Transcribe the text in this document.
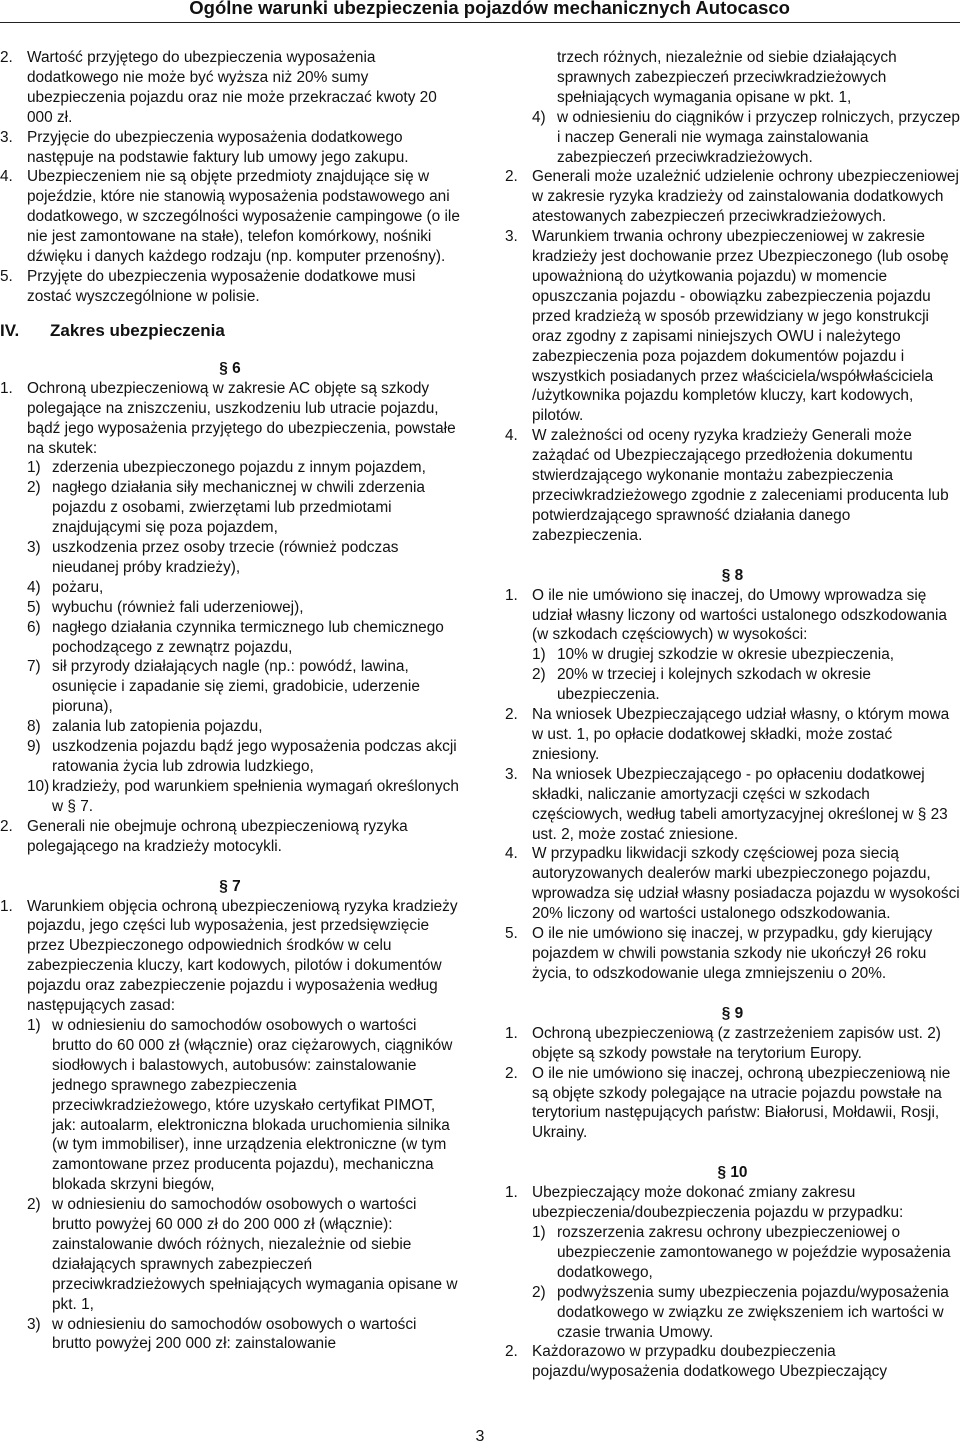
Ogólne warunki ubezpieczenia pojazdów mechanicznych Autocasco
2. Wartość przyjętego do ubezpieczenia wyposażenia dodatkowego nie może być wyższa niż 20% sumy ubezpieczenia pojazdu oraz nie może przekraczać kwoty 20 000 zł.
3. Przyjęcie do ubezpieczenia wyposażenia dodatkowego następuje na podstawie faktury lub umowy jego zakupu.
4. Ubezpieczeniem nie są objęte przedmioty znajdujące się w pojeździe, które nie stanowią wyposażenia podstawowego ani dodatkowego, w szczególności wyposażenie campingowe (o ile nie jest zamontowane na stałe), telefon komórkowy, nośniki dźwięku i danych każdego rodzaju (np. komputer przenośny).
5. Przyjęte do ubezpieczenia wyposażenie dodatkowe musi zostać wyszczególnione w polisie.
IV. Zakres ubezpieczenia
§ 6
1. Ochroną ubezpieczeniową w zakresie AC objęte są szkody polegające na zniszczeniu, uszkodzeniu lub utracie pojazdu, bądź jego wyposażenia przyjętego do ubezpieczenia, powstałe na skutek:
1) zderzenia ubezpieczonego pojazdu z innym pojazdem,
2) nagłego działania siły mechanicznej w chwili zderzenia pojazdu z osobami, zwierzętami lub przedmiotami znajdującymi się poza pojazdem,
3) uszkodzenia przez osoby trzecie (również podczas nieudanej próby kradzieży),
4) pożaru,
5) wybuchu (również fali uderzeniowej),
6) nagłego działania czynnika termicznego lub chemicznego pochodzącego z zewnątrz pojazdu,
7) sił przyrody działających nagle (np.: powódź, lawina, osunięcie i zapadanie się ziemi, gradobicie, uderzenie pioruna),
8) zalania lub zatopienia pojazdu,
9) uszkodzenia pojazdu bądź jego wyposażenia podczas akcji ratowania życia lub zdrowia ludzkiego,
10) kradzieży, pod warunkiem spełnienia wymagań określonych w § 7.
2. Generali nie obejmuje ochroną ubezpieczeniową ryzyka polegającego na kradzieży motocykli.
§ 7
1. Warunkiem objęcia ochroną ubezpieczeniową ryzyka kradzieży pojazdu, jego części lub wyposażenia, jest przedsięwzięcie przez Ubezpieczonego odpowiednich środków w celu zabezpieczenia kluczy, kart kodowych, pilotów i dokumentów pojazdu oraz zabezpieczenie pojazdu i wyposażenia według następujących zasad:
1) w odniesieniu do samochodów osobowych o wartości brutto do 60 000 zł (włącznie) oraz ciężarowych, ciągników siodłowych i balastowych, autobusów: zainstalowanie jednego sprawnego zabezpieczenia przeciwkradzieżowego, które uzyskało certyfikat PIMOT, jak: autoalarm, elektroniczna blokada uruchomienia silnika (w tym immobiliser), inne urządzenia elektroniczne (w tym zamontowane przez producenta pojazdu), mechaniczna blokada skrzyni biegów,
2) w odniesieniu do samochodów osobowych o wartości brutto powyżej 60 000 zł do 200 000 zł (włącznie): zainstalowanie dwóch różnych, niezależnie od siebie działających sprawnych zabezpieczeń przeciwkradzieżowych spełniających wymagania opisane w pkt. 1,
3) w odniesieniu do samochodów osobowych o wartości brutto powyżej 200 000 zł: zainstalowanie
trzech różnych, niezależnie od siebie działających sprawnych zabezpieczeń przeciwkradzieżowych spełniających wymagania opisane w pkt. 1,
4) w odniesieniu do ciągników i przyczep rolniczych, przyczep i naczep Generali nie wymaga zainstalowania zabezpieczeń przeciwkradzieżowych.
2. Generali może uzależnić udzielenie ochrony ubezpieczeniowej w zakresie ryzyka kradzieży od zainstalowania dodatkowych atestowanych zabezpieczeń przeciwkradzieżowych.
3. Warunkiem trwania ochrony ubezpieczeniowej w zakresie kradzieży jest dochowanie przez Ubezpieczonego (lub osobę upoważnioną do użytkowania pojazdu) w momencie opuszczania pojazdu - obowiązku zabezpieczenia pojazdu przed kradzieżą w sposób przewidziany w jego konstrukcji oraz zgodny z zapisami niniejszych OWU i należytego zabezpieczenia poza pojazdem dokumentów pojazdu i wszystkich posiadanych przez właściciela/współwłaściciela /użytkownika pojazdu kompletów kluczy, kart kodowych, pilotów.
4. W zależności od oceny ryzyka kradzieży Generali może zażądać od Ubezpieczającego przedłożenia dokumentu stwierdzającego wykonanie montażu zabezpieczenia przeciwkradzieżowego zgodnie z zaleceniami producenta lub potwierdzającego sprawność działania danego zabezpieczenia.
§ 8
1. O ile nie umówiono się inaczej, do Umowy wprowadza się udział własny liczony od wartości ustalonego odszkodowania (w szkodach częściowych) w wysokości:
1) 10% w drugiej szkodzie w okresie ubezpieczenia,
2) 20% w trzeciej i kolejnych szkodach w okresie ubezpieczenia.
2. Na wniosek Ubezpieczającego udział własny, o którym mowa w ust. 1, po opłacie dodatkowej składki, może zostać zniesiony.
3. Na wniosek Ubezpieczającego - po opłaceniu dodatkowej składki, naliczanie amortyzacji części w szkodach częściowych, według tabeli amortyzacyjnej określonej w § 23 ust. 2, może zostać zniesione.
4. W przypadku likwidacji szkody częściowej poza siecią autoryzowanych dealerów marki ubezpieczonego pojazdu, wprowadza się udział własny posiadacza pojazdu w wysokości 20% liczony od wartości ustalonego odszkodowania.
5. O ile nie umówiono się inaczej, w przypadku, gdy kierujący pojazdem w chwili powstania szkody nie ukończył 26 roku życia, to odszkodowanie ulega zmniejszeniu o 20%.
§ 9
1. Ochroną ubezpieczeniową (z zastrzeżeniem zapisów ust. 2) objęte są szkody powstałe na terytorium Europy.
2. O ile nie umówiono się inaczej, ochroną ubezpieczeniową nie są objęte szkody polegające na utracie pojazdu powstałe na terytorium następujących państw: Białorusi, Mołdawii, Rosji, Ukrainy.
§ 10
1. Ubezpieczający może dokonać zmiany zakresu ubezpieczenia/doubezpieczenia pojazdu w przypadku:
1) rozszerzenia zakresu ochrony ubezpieczeniowej o ubezpieczenie zamontowanego w pojeździe wyposażenia dodatkowego,
2) podwyższenia sumy ubezpieczenia pojazdu/wyposażenia dodatkowego w związku ze zwiększeniem ich wartości w czasie trwania Umowy.
2. Każdorazowo w przypadku doubezpieczenia pojazdu/wyposażenia dodatkowego Ubezpieczający
3
